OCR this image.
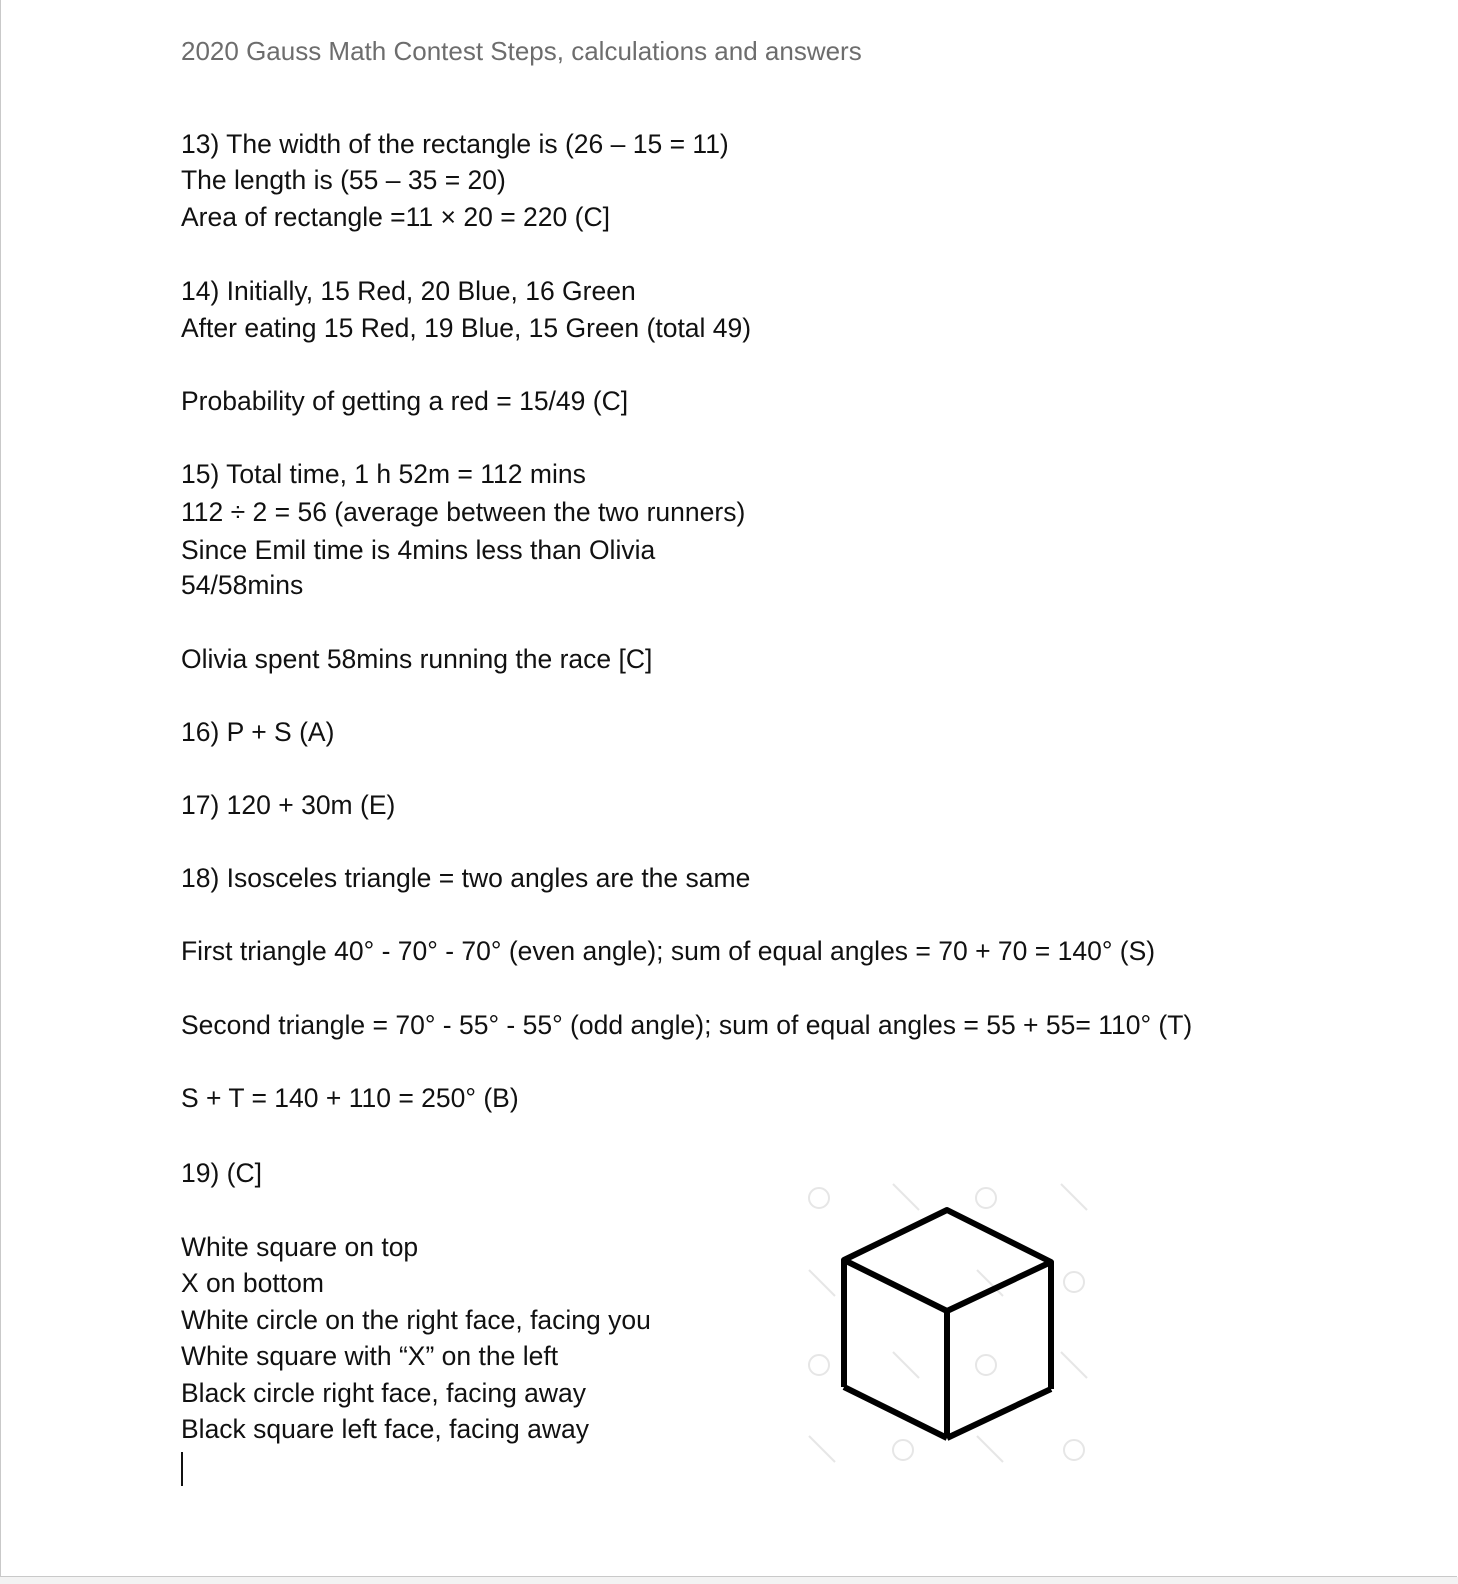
2020 Gauss Math Contest Steps, calculations and answers
13) The width of the rectangle is (26 – 15 = 11)
The length is (55 – 35 = 20)
Area of rectangle =11 × 20 = 220 (C]
14) Initially, 15 Red, 20 Blue, 16 Green
After eating 15 Red, 19 Blue, 15 Green (total 49)
Probability of getting a red = 15/49 (C]
15) Total time, 1 h 52m = 112 mins
112 ÷ 2 = 56 (average between the two runners)
Since Emil time is 4mins less than Olivia
54/58mins
Olivia spent 58mins running the race [C]
16) P + S (A)
17) 120 + 30m (E)
18) Isosceles triangle = two angles are the same
First triangle 40° - 70° - 70° (even angle); sum of equal angles = 70 + 70 = 140° (S)
Second triangle = 70° - 55° - 55° (odd angle); sum of equal angles = 55 + 55= 110° (T)
S + T = 140 + 110 = 250° (B)
19) (C]
White square on top
X on bottom
White circle on the right face, facing you
White square with “X” on the left
Black circle right face, facing away
Black square left face, facing away
